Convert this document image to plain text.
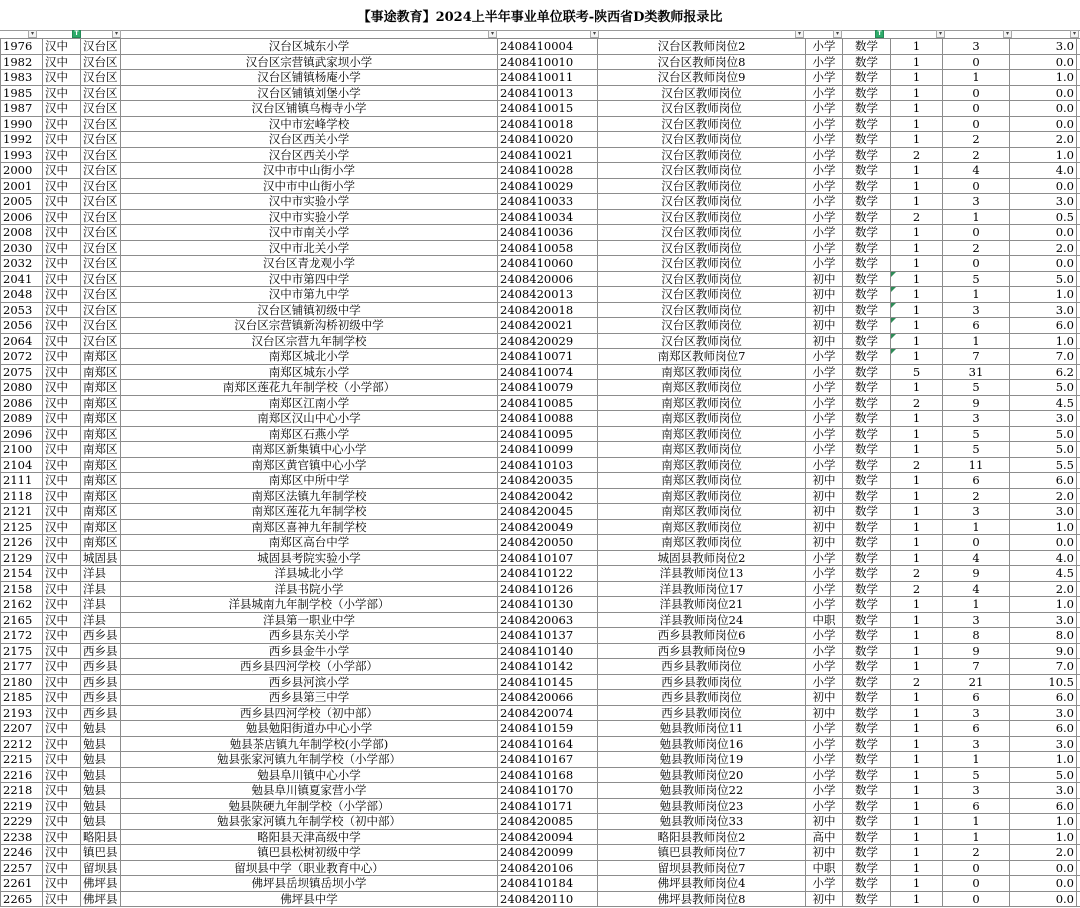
【事途教育】2024上半年事业单位联考-陕西省D类教师报录比
▾	T	▾	▾	▾	▾	▾	T	▾	▾	▾
1976	汉中	汉台区	汉台区城东小学	2408410004	汉台区教师岗位2	小学	数学	1	3	3.0	
1982	汉中	汉台区	汉台区宗营镇武家坝小学	2408410010	汉台区教师岗位8	小学	数学	1	0	0.0	
1983	汉中	汉台区	汉台区铺镇杨庵小学	2408410011	汉台区教师岗位9	小学	数学	1	1	1.0	
1985	汉中	汉台区	汉台区铺镇刘堡小学	2408410013	汉台区教师岗位	小学	数学	1	0	0.0	
1987	汉中	汉台区	汉台区铺镇乌梅寺小学	2408410015	汉台区教师岗位	小学	数学	1	0	0.0	
1990	汉中	汉台区	汉中市宏峰学校	2408410018	汉台区教师岗位	小学	数学	1	0	0.0	
1992	汉中	汉台区	汉台区西关小学	2408410020	汉台区教师岗位	小学	数学	1	2	2.0	
1993	汉中	汉台区	汉台区西关小学	2408410021	汉台区教师岗位	小学	数学	2	2	1.0	
2000	汉中	汉台区	汉中市中山街小学	2408410028	汉台区教师岗位	小学	数学	1	4	4.0	
2001	汉中	汉台区	汉中市中山街小学	2408410029	汉台区教师岗位	小学	数学	1	0	0.0	
2005	汉中	汉台区	汉中市实验小学	2408410033	汉台区教师岗位	小学	数学	1	3	3.0	
2006	汉中	汉台区	汉中市实验小学	2408410034	汉台区教师岗位	小学	数学	2	1	0.5	
2008	汉中	汉台区	汉中市南关小学	2408410036	汉台区教师岗位	小学	数学	1	0	0.0	
2030	汉中	汉台区	汉中市北关小学	2408410058	汉台区教师岗位	小学	数学	1	2	2.0	
2032	汉中	汉台区	汉台区青龙观小学	2408410060	汉台区教师岗位	小学	数学	1	0	0.0	
2041	汉中	汉台区	汉中市第四中学	2408420006	汉台区教师岗位	初中	数学	1	5	5.0	
2048	汉中	汉台区	汉中市第九中学	2408420013	汉台区教师岗位	初中	数学	1	1	1.0	
2053	汉中	汉台区	汉台区铺镇初级中学	2408420018	汉台区教师岗位	初中	数学	1	3	3.0	
2056	汉中	汉台区	汉台区宗营镇新沟桥初级中学	2408420021	汉台区教师岗位	初中	数学	1	6	6.0	
2064	汉中	汉台区	汉台区宗营九年制学校	2408420029	汉台区教师岗位	初中	数学	1	1	1.0	
2072	汉中	南郑区	南郑区城北小学	2408410071	南郑区教师岗位7	小学	数学	1	7	7.0	
2075	汉中	南郑区	南郑区城东小学	2408410074	南郑区教师岗位	小学	数学	5	31	6.2	
2080	汉中	南郑区	南郑区莲花九年制学校（小学部）	2408410079	南郑区教师岗位	小学	数学	1	5	5.0	
2086	汉中	南郑区	南郑区江南小学	2408410085	南郑区教师岗位	小学	数学	2	9	4.5	
2089	汉中	南郑区	南郑区汉山中心小学	2408410088	南郑区教师岗位	小学	数学	1	3	3.0	
2096	汉中	南郑区	南郑区石燕小学	2408410095	南郑区教师岗位	小学	数学	1	5	5.0	
2100	汉中	南郑区	南郑区新集镇中心小学	2408410099	南郑区教师岗位	小学	数学	1	5	5.0	
2104	汉中	南郑区	南郑区黄官镇中心小学	2408410103	南郑区教师岗位	小学	数学	2	11	5.5	
2111	汉中	南郑区	南郑区中所中学	2408420035	南郑区教师岗位	初中	数学	1	6	6.0	
2118	汉中	南郑区	南郑区法镇九年制学校	2408420042	南郑区教师岗位	初中	数学	1	2	2.0	
2121	汉中	南郑区	南郑区莲花九年制学校	2408420045	南郑区教师岗位	初中	数学	1	3	3.0	
2125	汉中	南郑区	南郑区喜神九年制学校	2408420049	南郑区教师岗位	初中	数学	1	1	1.0	
2126	汉中	南郑区	南郑区高台中学	2408420050	南郑区教师岗位	初中	数学	1	0	0.0	
2129	汉中	城固县	城固县考院实验小学	2408410107	城固县教师岗位2	小学	数学	1	4	4.0	
2154	汉中	洋县	洋县城北小学	2408410122	洋县教师岗位13	小学	数学	2	9	4.5	
2158	汉中	洋县	洋县书院小学	2408410126	洋县教师岗位17	小学	数学	2	4	2.0	
2162	汉中	洋县	洋县城南九年制学校（小学部）	2408410130	洋县教师岗位21	小学	数学	1	1	1.0	
2165	汉中	洋县	洋县第一职业中学	2408420063	洋县教师岗位24	中职	数学	1	3	3.0	
2172	汉中	西乡县	西乡县东关小学	2408410137	西乡县教师岗位6	小学	数学	1	8	8.0	
2175	汉中	西乡县	西乡县金牛小学	2408410140	西乡县教师岗位9	小学	数学	1	9	9.0	
2177	汉中	西乡县	西乡县四河学校（小学部）	2408410142	西乡县教师岗位	小学	数学	1	7	7.0	
2180	汉中	西乡县	西乡县河滨小学	2408410145	西乡县教师岗位	小学	数学	2	21	10.5	
2185	汉中	西乡县	西乡县第三中学	2408420066	西乡县教师岗位	初中	数学	1	6	6.0	
2193	汉中	西乡县	西乡县四河学校（初中部）	2408420074	西乡县教师岗位	初中	数学	1	3	3.0	
2207	汉中	勉县	勉县勉阳街道办中心小学	2408410159	勉县教师岗位11	小学	数学	1	6	6.0	
2212	汉中	勉县	勉县茶店镇九年制学校(小学部)	2408410164	勉县教师岗位16	小学	数学	1	3	3.0	
2215	汉中	勉县	勉县张家河镇九年制学校（小学部）	2408410167	勉县教师岗位19	小学	数学	1	1	1.0	
2216	汉中	勉县	勉县阜川镇中心小学	2408410168	勉县教师岗位20	小学	数学	1	5	5.0	
2218	汉中	勉县	勉县阜川镇夏家营小学	2408410170	勉县教师岗位22	小学	数学	1	3	3.0	
2219	汉中	勉县	勉县陕硬九年制学校（小学部）	2408410171	勉县教师岗位23	小学	数学	1	6	6.0	
2229	汉中	勉县	勉县张家河镇九年制学校（初中部）	2408420085	勉县教师岗位33	初中	数学	1	1	1.0	
2238	汉中	略阳县	略阳县天津高级中学	2408420094	略阳县教师岗位2	高中	数学	1	1	1.0	
2246	汉中	镇巴县	镇巴县松树初级中学	2408420099	镇巴县教师岗位7	初中	数学	1	2	2.0	
2257	汉中	留坝县	留坝县中学（职业教育中心）	2408420106	留坝县教师岗位7	中职	数学	1	0	0.0	
2261	汉中	佛坪县	佛坪县岳坝镇岳坝小学	2408410184	佛坪县教师岗位4	小学	数学	1	0	0.0	
2265	汉中	佛坪县	佛坪县中学	2408420110	佛坪县教师岗位8	初中	数学	1	0	0.0	
